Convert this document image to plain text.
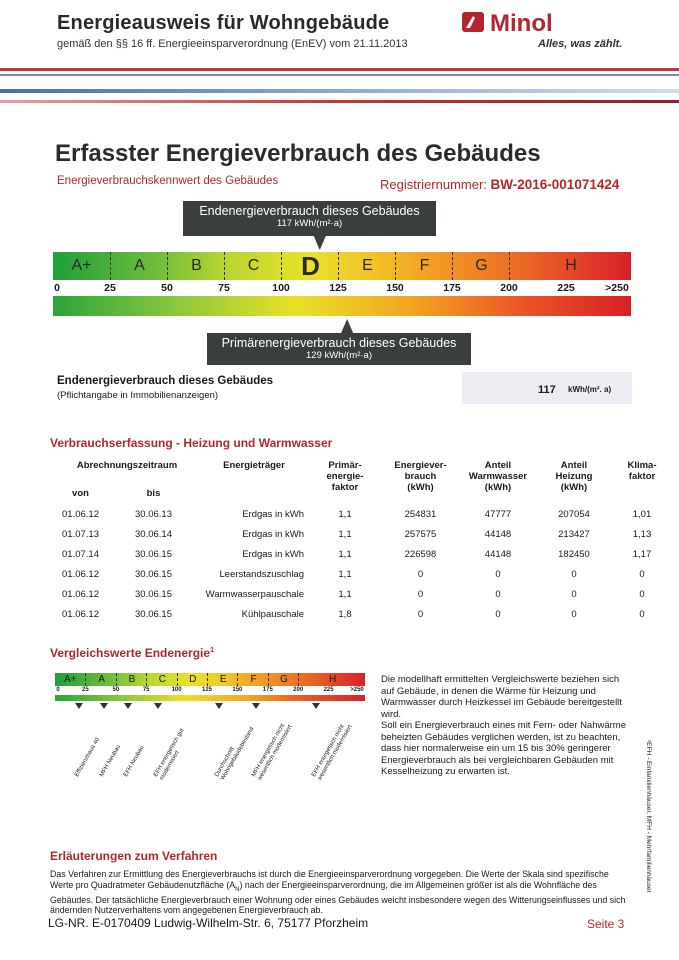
Energieausweis für Wohngebäude
gemäß den §§ 16 ff. Energieeinsparverordnung (EnEV) vom 21.11.2013
Minol
Alles, was zählt.
Erfasster Energieverbrauch des Gebäudes
Energieverbrauchskennwert des Gebäudes	Registriernummer: BW-2016-001071424
Endenergieverbrauch dieses Gebäudes
117 kWh/(m²·a)
A+	A	B	C	D	E	F	G	H
0	25	50	75	100	125	150	175	200	225	>250
Primärenergieverbrauch dieses Gebäudes
129 kWh/(m²·a)
Endenergieverbrauch dieses Gebäudes
(Pflichtangabe in Immobilienanzeigen)	117 kWh/(m². a)
Verbrauchserfassung - Heizung und Warmwasser
Abrechnungszeitraum		Energieträger	Primär-
energie-
faktor	Energiever-
brauch
(kWh)	Anteil
Warmwasser
(kWh)	Anteil
Heizung
(kWh)	Klima-
faktor
von	bis						
01.06.12	30.06.13	Erdgas in kWh	1,1	254831	47777	207054	1,01
01.07.13	30.06.14	Erdgas in kWh	1,1	257575	44148	213427	1,13
01.07.14	30.06.15	Erdgas in kWh	1,1	226598	44148	182450	1,17
01.06.12	30.06.15	Leerstandszuschlag	1,1	0	0	0	0
01.06.12	30.06.15	Warmwasserpauschale	1,1	0	0	0	0
01.06.12	30.06.15	Kühlpauschale	1,8	0	0	0	0
Vergleichswerte Endenergie$^1$
A+	A	B	C	D	E	F	G	H
0	25	50	75	100	125	150	175	200	225	>250
Effizienzhaus 40
MFH Neubau EFH Neubau	EFH energetisch gut modernisiert	Durchschnitt Wohngebäudebestand
MFH energetisch nicht wesentlich modernisiert	EFH energetisch nicht wesentlich modernisiert
Die modellhaft ermittelten Vergleichswerte beziehen sich auf Gebäude, in denen die Wärme für Heizung und Warmwasser durch Heizkessel im Gebäude bereitgestellt wird.
Soll ein Energieverbrauch eines mit Fern- oder Nahwärme beheizten Gebäudes verglichen werden, ist zu beachten, dass hier normalerweise ein um 15 bis 30% geringerer Energieverbrauch als bei vergleichbaren Gebäuden mit Kesselheizung zu erwarten ist.	¹EFH - Einfamilienhäuser, MFH - Mehrfamilienhäuser
Erläuterungen zum Verfahren
Das Verfahren zur Ermittlung des Energieverbrauchs ist durch die Energieeinsparverordnung vorgegeben. Die Werte der Skala sind spezifische Werte pro Quadratmeter Gebäudenutzfläche $(A_N)$ nach der Energieeinsparverordnung, die im Allgemeinen größer ist als die Wohnfläche des Gebäudes. Der tatsächliche Energieverbrauch einer Wohnung oder eines Gebäudes weicht insbesondere wegen des Witterungseinflusses und sich ändernden Nutzerverhaltens vom angegebenen Energieverbrauch ab.
LG-NR. E-0170409 Ludwig-Wilhelm-Str. 6, 75177 Pforzheim	Seite 3
